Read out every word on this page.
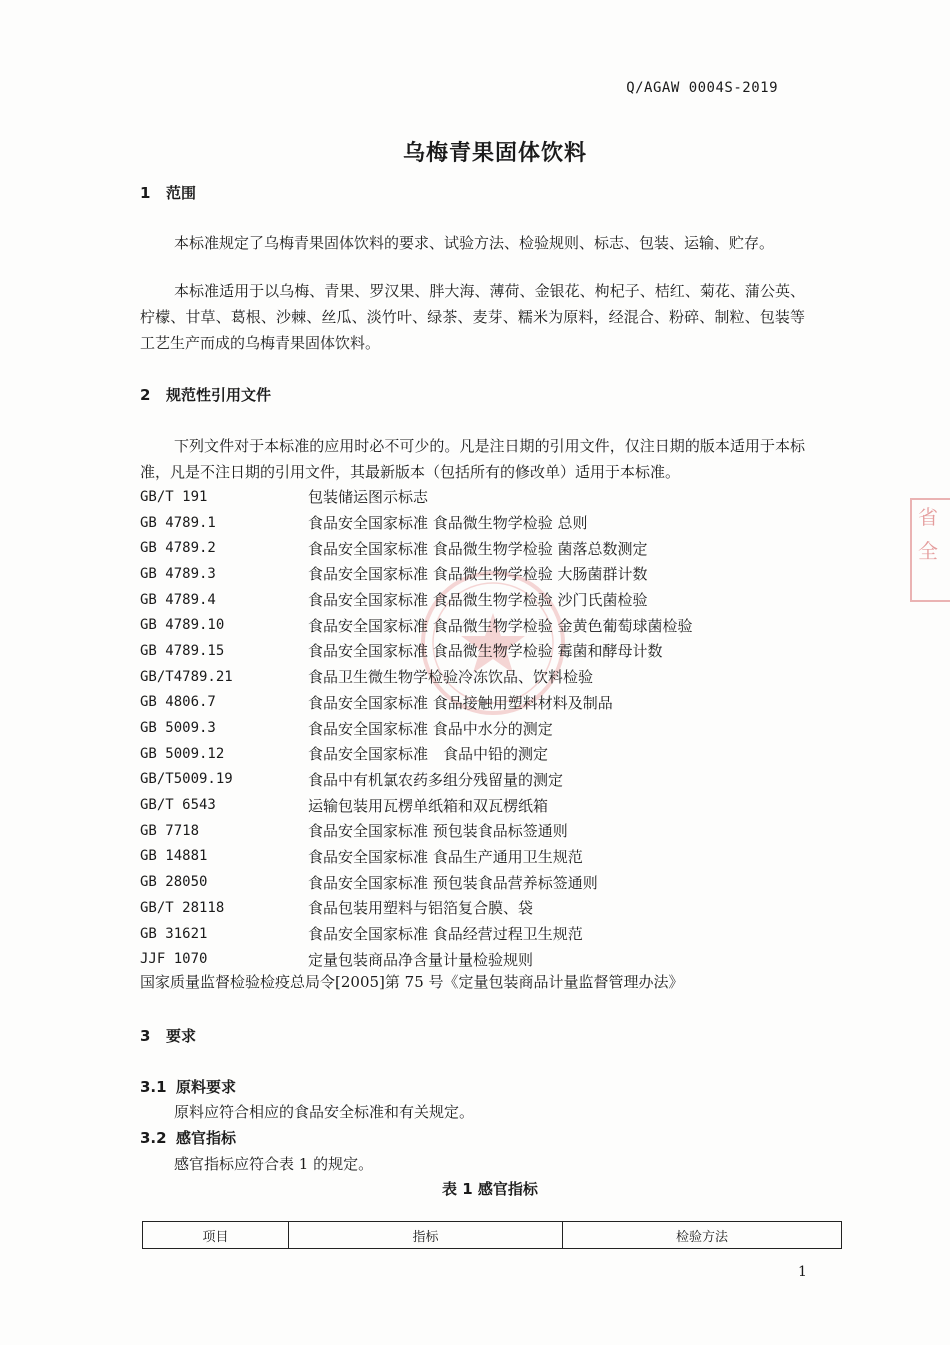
Q/AGAW 0004S-2019
乌梅青果固体饮料
1 范围
本标准规定了乌梅青果固体饮料的要求、试验方法、检验规则、标志、包装、运输、贮存。
本标准适用于以乌梅、青果、罗汉果、胖大海、薄荷、金银花、枸杞子、桔红、菊花、蒲公英、柠檬、甘草、葛根、沙棘、丝瓜、淡竹叶、绿茶、麦芽、糯米为原料，经混合、粉碎、制粒、包装等工艺生产而成的乌梅青果固体饮料。
2 规范性引用文件
下列文件对于本标准的应用时必不可少的。凡是注日期的引用文件，仅注日期的版本适用于本标准，凡是不注日期的引用文件，其最新版本（包括所有的修改单）适用于本标准。
GB/T 191	包装储运图示标志
GB 4789.1	食品安全国家标准 食品微生物学检验 总则
GB 4789.2	食品安全国家标准 食品微生物学检验 菌落总数测定
GB 4789.3	食品安全国家标准 食品微生物学检验 大肠菌群计数
GB 4789.4	食品安全国家标准 食品微生物学检验 沙门氏菌检验
GB 4789.10	食品安全国家标准 食品微生物学检验 金黄色葡萄球菌检验
GB 4789.15	食品安全国家标准 食品微生物学检验 霉菌和酵母计数
GB/T4789.21	食品卫生微生物学检验冷冻饮品、饮料检验
GB 4806.7	食品安全国家标准 食品接触用塑料材料及制品
GB 5009.3	食品安全国家标准 食品中水分的测定
GB 5009.12	食品安全国家标准　食品中铅的测定
GB/T5009.19	食品中有机氯农药多组分残留量的测定
GB/T 6543	运输包装用瓦楞单纸箱和双瓦楞纸箱
GB 7718	食品安全国家标准 预包装食品标签通则
GB 14881	食品安全国家标准 食品生产通用卫生规范
GB 28050	食品安全国家标准 预包装食品营养标签通则
GB/T 28118	食品包装用塑料与铝箔复合膜、袋
GB 31621	食品安全国家标准 食品经营过程卫生规范
JJF 1070	定量包装商品净含量计量检验规则
国家质量监督检验检疫总局令[2005]第 75 号《定量包装商品计量监督管理办法》
3 要求
3.1 原料要求
原料应符合相应的食品安全标准和有关规定。
3.2 感官指标
感官指标应符合表 1 的规定。
表 1 感官指标
项目	指标	检验方法
1
省
全
